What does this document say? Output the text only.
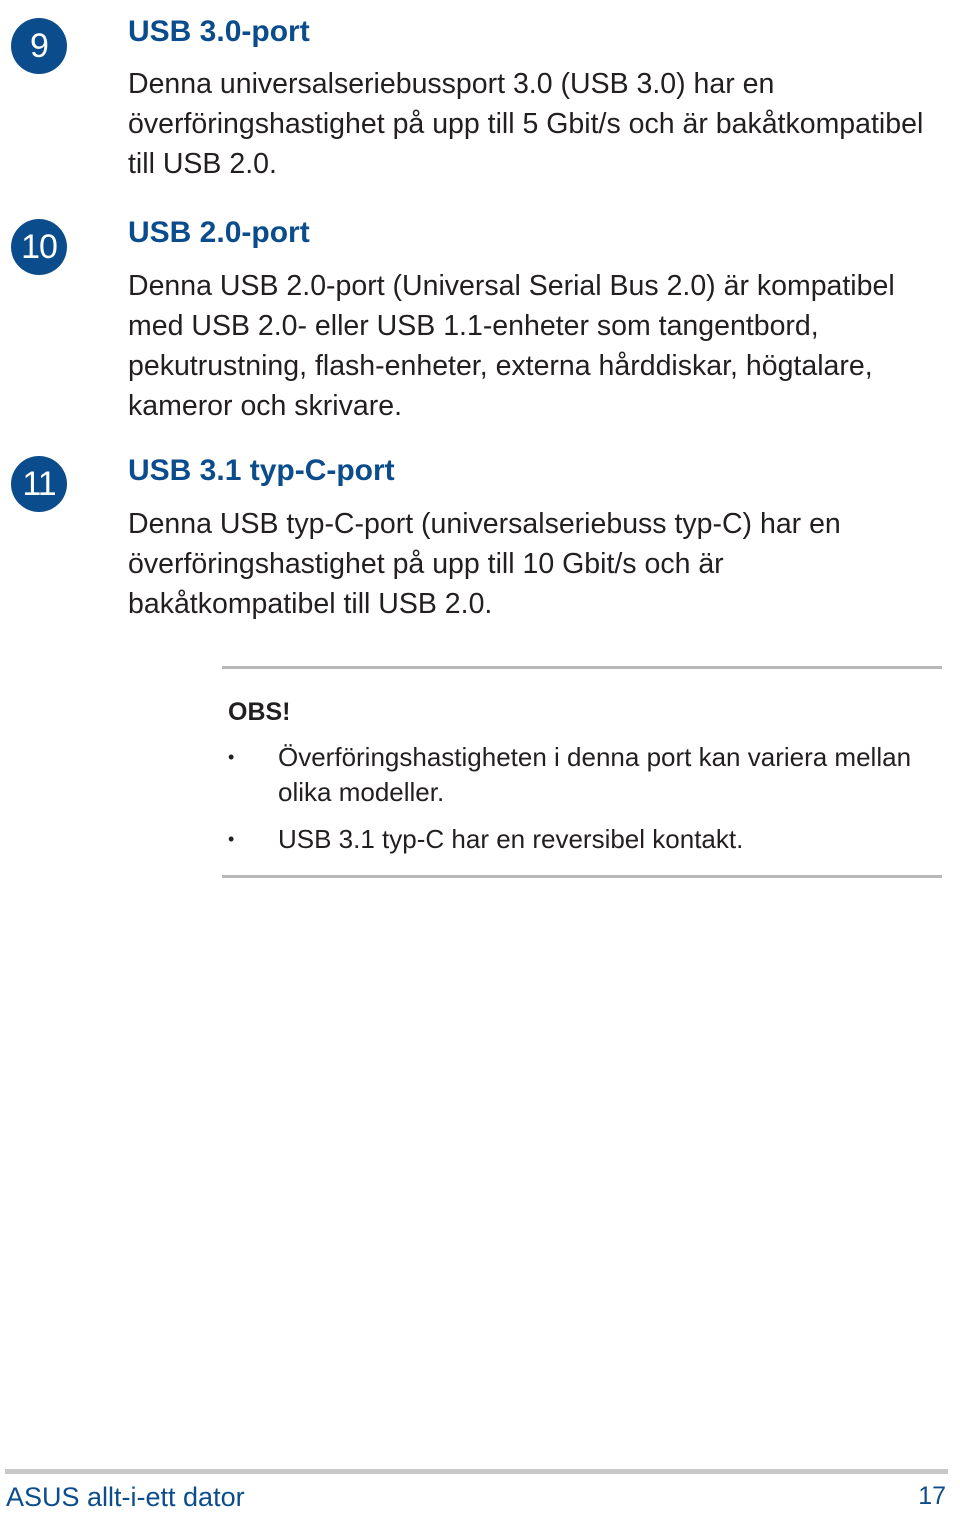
9	USB 3.0-port

Denna universalseriebussport 3.0 (USB 3.0) har en överföringshastighet på upp till 5 Gbit/s och är bakåtkompatibel till USB 2.0.

10	USB 2.0-port

Denna USB 2.0-port (Universal Serial Bus 2.0) är kompatibel med USB 2.0- eller USB 1.1-enheter som tangentbord, pekutrustning, flash-enheter, externa hårddiskar, högtalare, kameror och skrivare.

11	USB 3.1 typ-C-port

Denna USB typ-C-port (universalseriebuss typ-C) har en överföringshastighet på upp till 10 Gbit/s och är bakåtkompatibel till USB 2.0.

OBS!
•	Överföringshastigheten i denna port kan variera mellan olika modeller.
•	USB 3.1 typ-C har en reversibel kontakt.
ASUS allt-i-ett dator	17
